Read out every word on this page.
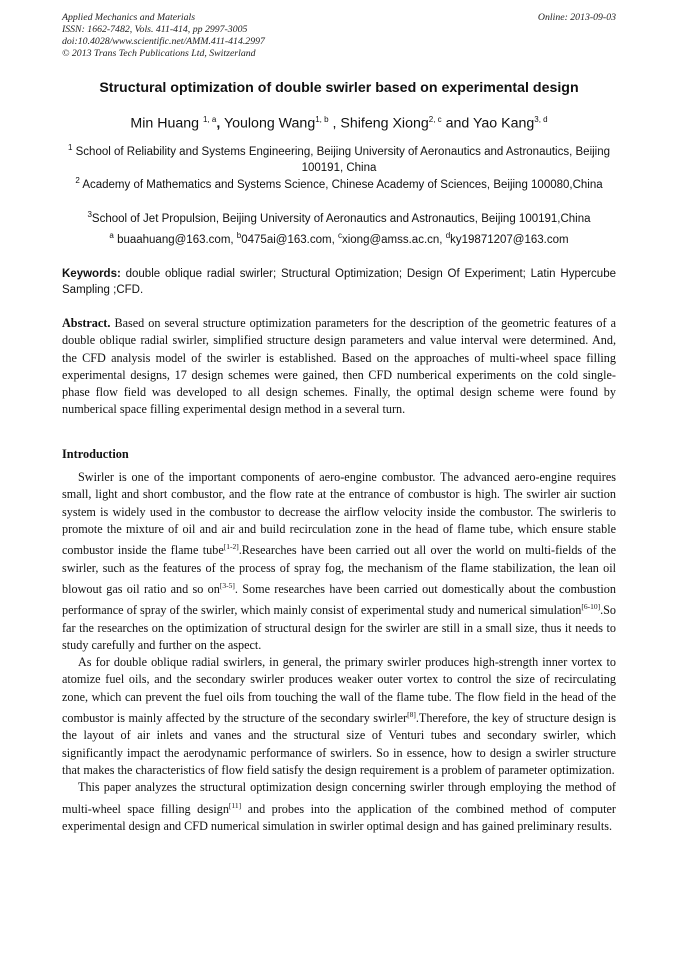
Applied Mechanics and Materials
ISSN: 1662-7482, Vols. 411-414, pp 2997-3005
doi:10.4028/www.scientific.net/AMM.411-414.2997
© 2013 Trans Tech Publications Ltd, Switzerland
Online: 2013-09-03
Structural optimization of double swirler based on experimental design
Min Huang $^{1, a}$, Youlong Wang$^{1, b}$ , Shifeng Xiong$^{2, c}$ and Yao Kang$^{3, d}$
$^1$ School of Reliability and Systems Engineering, Beijing University of Aeronautics and Astronautics, Beijing 100191, China
$^2$ Academy of Mathematics and Systems Science, Chinese Academy of Sciences, Beijing 100080,China
$^3$School of Jet Propulsion, Beijing University of Aeronautics and Astronautics, Beijing 100191,China
$^a$ buaahuang@163.com, $^b$0475ai@163.com, $^c$xiong@amss.ac.cn, $^d$ky19871207@163.com
Keywords: double oblique radial swirler; Structural Optimization; Design Of Experiment; Latin Hypercube Sampling ;CFD.
Abstract. Based on several structure optimization parameters for the description of the geometric features of a double oblique radial swirler, simplified structure design parameters and value interval were determined. And, the CFD analysis model of the swirler is established. Based on the approaches of multi-wheel space filling experimental designs, 17 design schemes were gained, then CFD numberical experiments on the cold single-phase flow field was developed to all design schemes. Finally, the optimal design scheme were found by numberical space filling experimental design method in a several turn.
Introduction

Swirler is one of the important components of aero-engine combustor. The advanced aero-engine requires small, light and short combustor, and the flow rate at the entrance of combustor is high. The swirler air suction system is widely used in the combustor to decrease the airflow velocity inside the combustor. The swirleris to promote the mixture of oil and air and build recirculation zone in the head of flame tube, which ensure stable combustor inside the flame tube[1-2].Researches have been carried out all over the world on multi-fields of the swirler, such as the features of the process of spray fog, the mechanism of the flame stabilization, the lean oil blowout gas oil ratio and so on[3-5]. Some researches have been carried out domestically about the combustion performance of spray of the swirler, which mainly consist of experimental study and numerical simulation[6-10].So far the researches on the optimization of structural design for the swirler are still in a small size, thus it needs to study carefully and further on the aspect.

As for double oblique radial swirlers, in general, the primary swirler produces high-strength inner vortex to atomize fuel oils, and the secondary swirler produces weaker outer vortex to control the size of recirculating zone, which can prevent the fuel oils from touching the wall of the flame tube. The flow field in the head of the combustor is mainly affected by the structure of the secondary swirler[8].Therefore, the key of structure design is the layout of air inlets and vanes and the structural size of Venturi tubes and secondary swirler, which significantly impact the aerodynamic performance of swirlers. So in essence, how to design a swirler structure that makes the characteristics of flow field satisfy the design requirement is a problem of parameter optimization.

This paper analyzes the structural optimization design concerning swirler through employing the method of multi-wheel space filling design[11] and probes into the application of the combined method of computer experimental design and CFD numerical simulation in swirler optimal design and has gained preliminary results.
